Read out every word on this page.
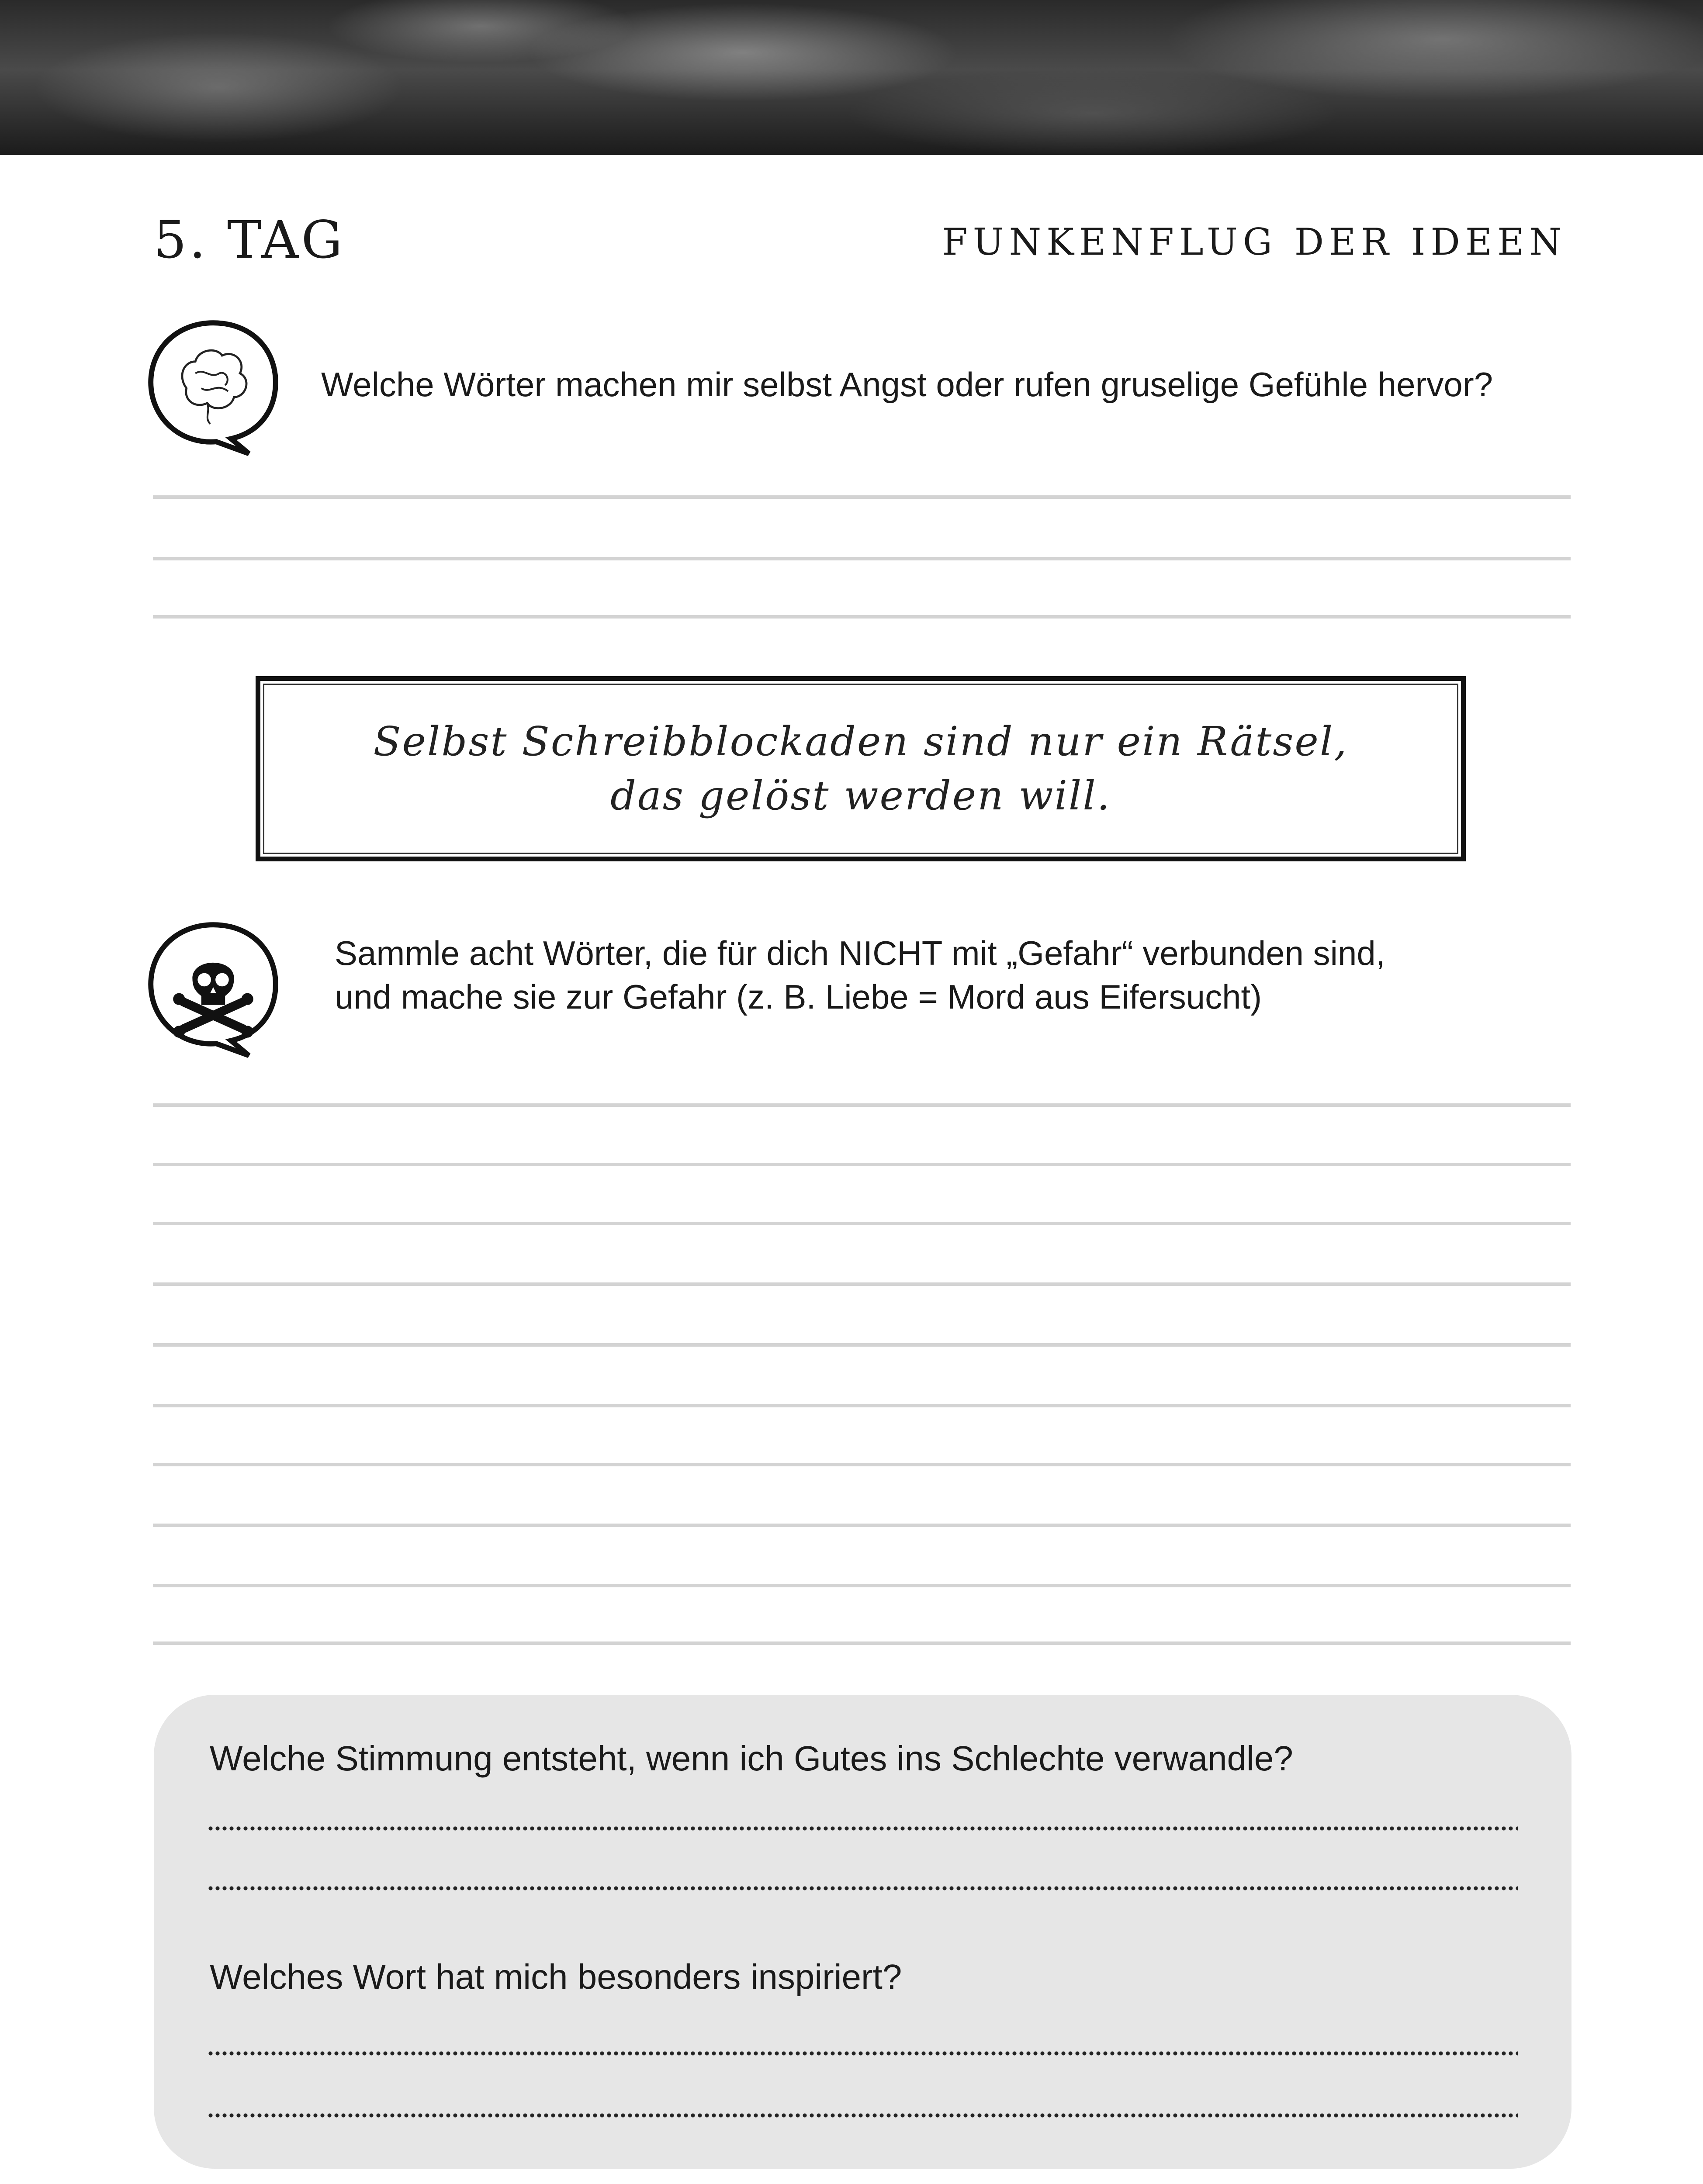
5. TAG	FUNKENFLUG DER IDEEN
Welche Wörter machen mir selbst Angst oder rufen gruselige Gefühle hervor?
Selbst Schreibblockaden sind nur ein Rätsel,
das gelöst werden will.
Sammle acht Wörter, die für dich NICHT mit „Gefahr“ verbunden sind,
und mache sie zur Gefahr (z. B. Liebe = Mord aus Eifersucht)
Welche Stimmung entsteht, wenn ich Gutes ins Schlechte verwandle?
Welches Wort hat mich besonders inspiriert?
